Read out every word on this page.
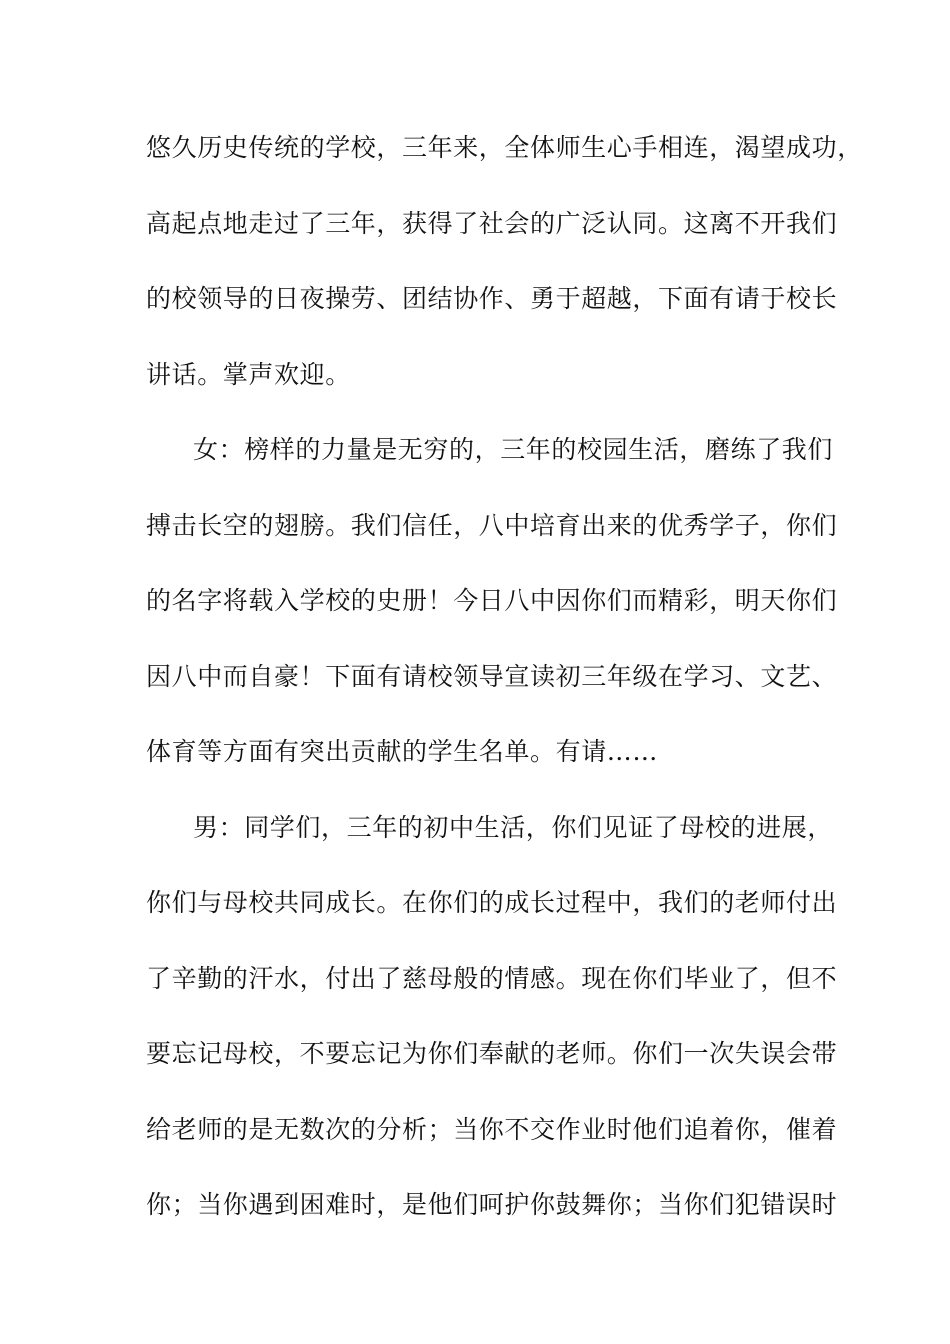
悠久历史传统的学校，三年来，全体师生心手相连，渴望成功，
高起点地走过了三年，获得了社会的广泛认同。这离不开我们
的校领导的日夜操劳、团结协作、勇于超越，下面有请于校长
讲话。掌声欢迎。
女：榜样的力量是无穷的，三年的校园生活，磨练了我们
搏击长空的翅膀。我们信任，八中培育出来的优秀学子，你们
的名字将载入学校的史册！今日八中因你们而精彩，明天你们
因八中而自豪！下面有请校领导宣读初三年级在学习、文艺、
体育等方面有突出贡献的学生名单。有请……
男：同学们，三年的初中生活，你们见证了母校的进展，
你们与母校共同成长。在你们的成长过程中，我们的老师付出
了辛勤的汗水，付出了慈母般的情感。现在你们毕业了，但不
要忘记母校，不要忘记为你们奉献的老师。你们一次失误会带
给老师的是无数次的分析；当你不交作业时他们追着你，催着
你；当你遇到困难时，是他们呵护你鼓舞你；当你们犯错误时
